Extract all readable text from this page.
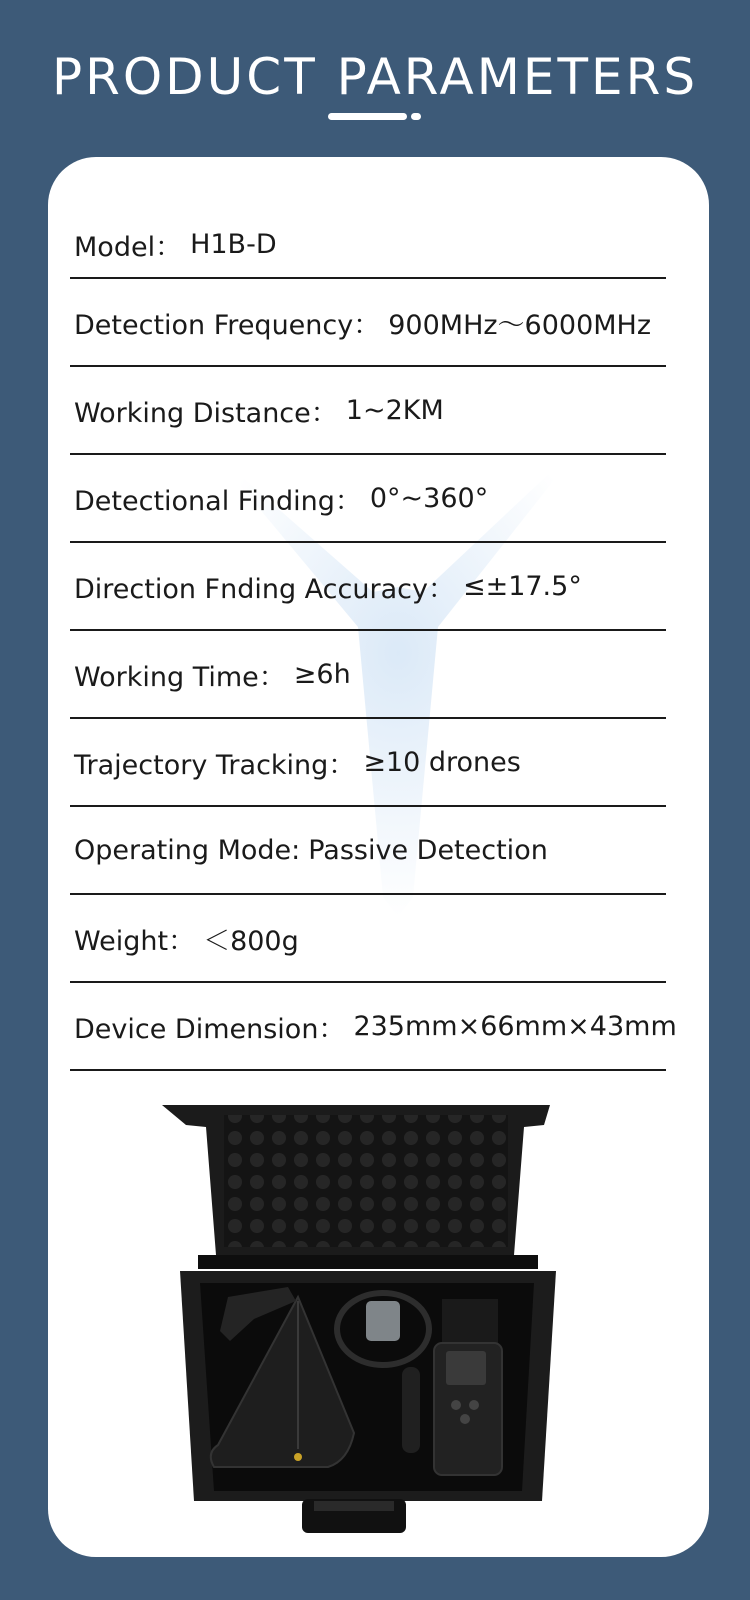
PRODUCT PARAMETERS
Model： H1B-D
Detection Frequency： 900MHz～6000MHz
Working Distance： 1~2KM
Detectional Finding： 0°~360°
Direction Fnding Accuracy： ≤±17.5°
Working Time： ≥6h
Trajectory Tracking： ≥10 drones
Operating Mode: Passive Detection
Weight： ＜800g
Device Dimension： 235mm×66mm×43mm
